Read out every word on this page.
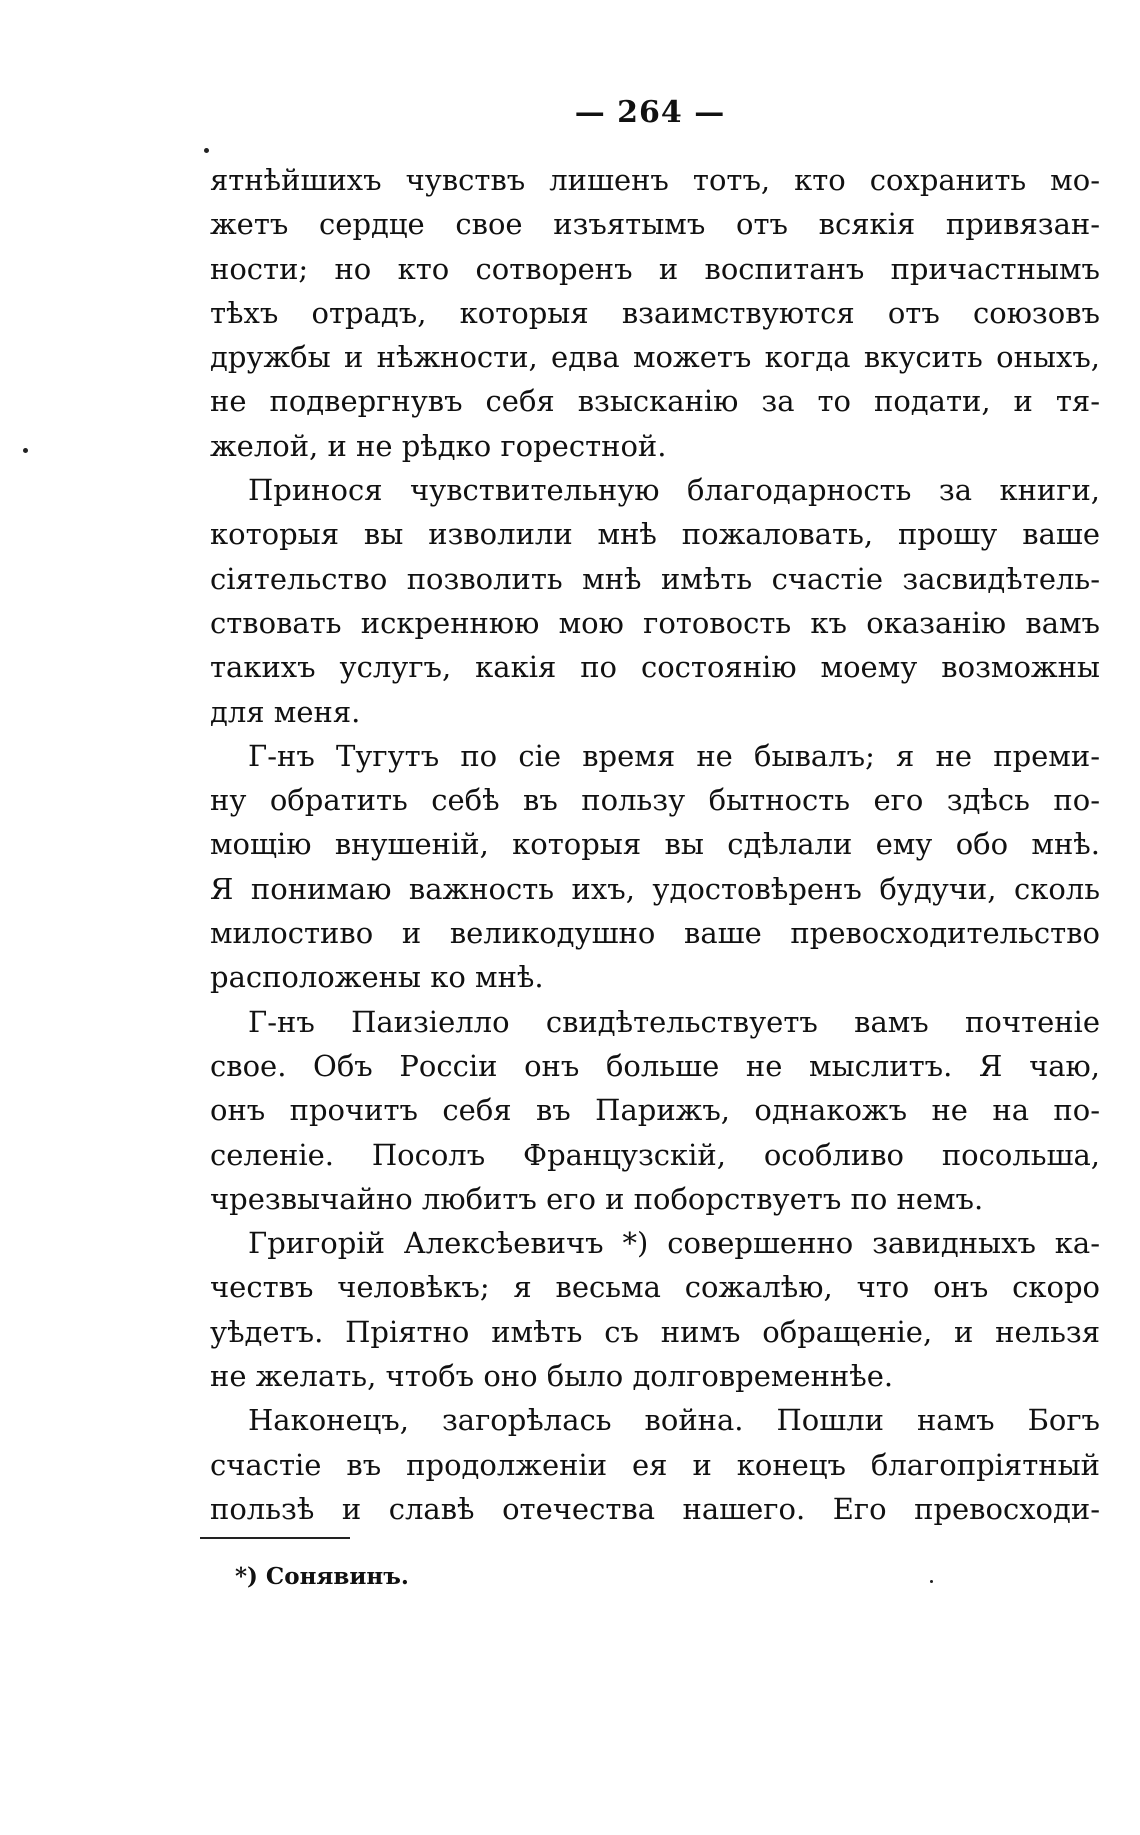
— 264 —
ятнѣйшихъ чувствъ лишенъ тотъ, кто сохранить мо-
жетъ сердце свое изъятымъ отъ всякія привязан-
ности; но кто сотворенъ и воспитанъ причастнымъ
тѣхъ отрадъ, которыя взаимствуются отъ союзовъ
дружбы и нѣжности, едва можетъ когда вкусить оныхъ,
не подвергнувъ себя взысканію за то подати, и тя-
желой, и не рѣдко горестной.
Принося чувствительную благодарность за книги,
которыя вы изволили мнѣ пожаловать, прошу ваше
сіятельство позволить мнѣ имѣть счастіе засвидѣтель-
ствовать искреннюю мою готовость къ оказанію вамъ
такихъ услугъ, какія по состоянію моему возможны
для меня.
Г-нъ Тугутъ по сіе время не бывалъ; я не преми-
ну обратить себѣ въ пользу бытность его здѣсь по-
мощію внушеній, которыя вы сдѣлали ему обо мнѣ.
Я понимаю важность ихъ, удостовѣренъ будучи, сколь
милостиво и великодушно ваше превосходительство
расположены ко мнѣ.
Г-нъ Паизіелло свидѣтельствуетъ вамъ почтеніе
свое. Объ Россіи онъ больше не мыслитъ. Я чаю,
онъ прочитъ себя въ Парижъ, однакожъ не на по-
селеніе. Посолъ Французскій, особливо посольша,
чрезвычайно любитъ его и поборствуетъ по немъ.
Григорій Алексѣевичъ *) совершенно завидныхъ ка-
чествъ человѣкъ; я весьма сожалѣю, что онъ скоро
уѣдетъ. Пріятно имѣть съ нимъ обращеніе, и нельзя
не желать, чтобъ оно было долговременнѣе.
Наконецъ, загорѣлась война. Пошли намъ Богъ
счастіе въ продолженіи ея и конецъ благопріятный
пользѣ и славѣ отечества нашего. Его превосходи-
*) Сонявинъ.
